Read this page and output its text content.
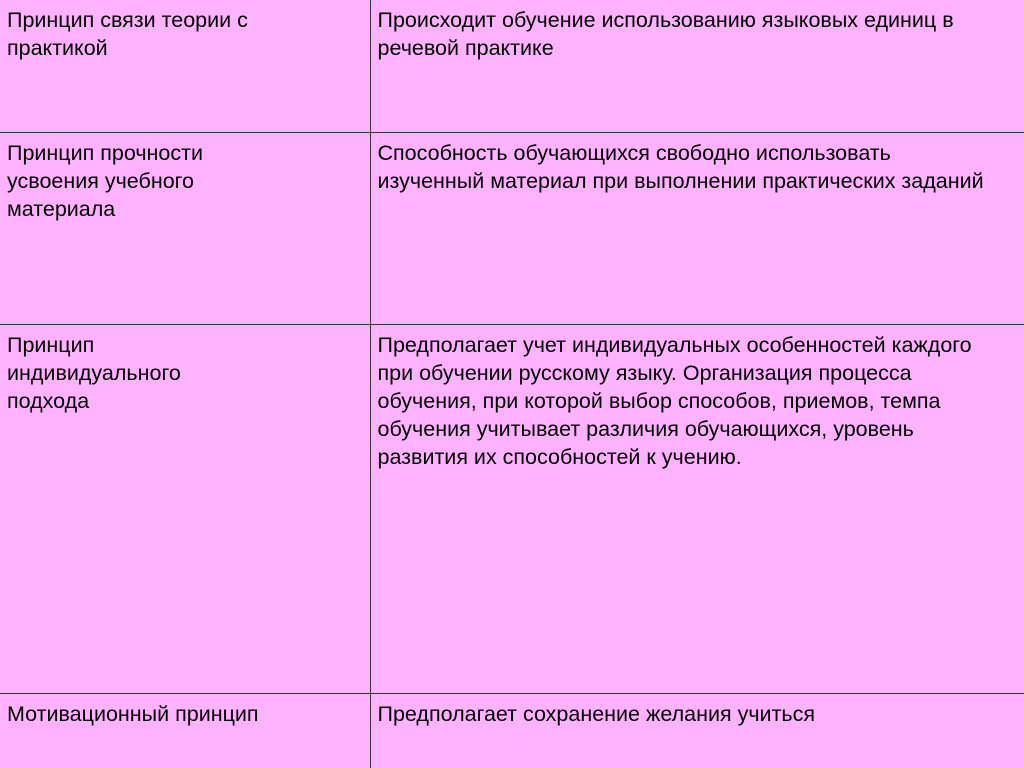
Принцип связи теории с практикой	Происходит обучение использованию языковых единиц в речевой практике

Принцип прочности усвоения учебного материала	Способность обучающихся свободно использовать изученный материал при выполнении практических заданий

Принцип индивидуального подхода	Предполагает учет индивидуальных особенностей каждого при обучении русскому языку. Организация процесса обучения, при которой выбор способов, приемов, темпа обучения учитывает различия обучающихся, уровень развития их способностей к учению.

Мотивационный принцип	Предполагает сохранение желания учиться
